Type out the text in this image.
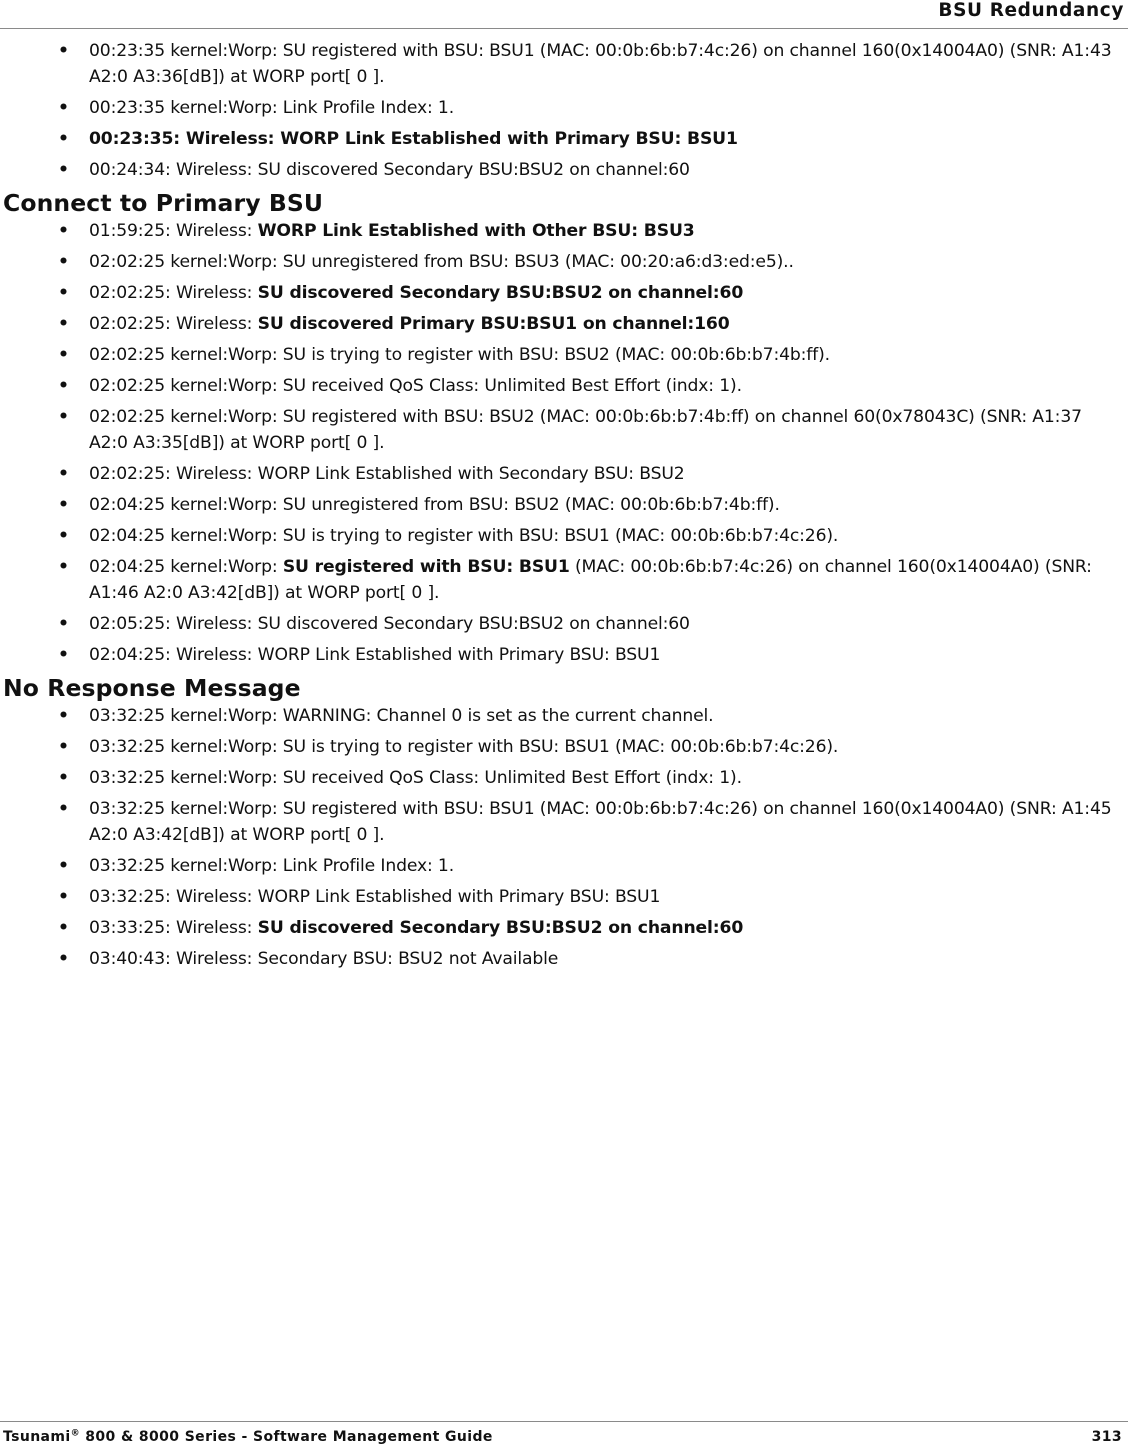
BSU Redundancy
• 00:23:35 kernel:Worp: SU registered with BSU: BSU1 (MAC: 00:0b:6b:b7:4c:26) on channel 160(0x14004A0) (SNR: A1:43 A2:0 A3:36[dB]) at WORP port[ 0 ].
• 00:23:35 kernel:Worp: Link Profile Index: 1.
• 00:23:35: Wireless: WORP Link Established with Primary BSU: BSU1
• 00:24:34: Wireless: SU discovered Secondary BSU:BSU2 on channel:60
Connect to Primary BSU
• 01:59:25: Wireless: WORP Link Established with Other BSU: BSU3
• 02:02:25 kernel:Worp: SU unregistered from BSU: BSU3 (MAC: 00:20:a6:d3:ed:e5)..
• 02:02:25: Wireless: SU discovered Secondary BSU:BSU2 on channel:60
• 02:02:25: Wireless: SU discovered Primary BSU:BSU1 on channel:160
• 02:02:25 kernel:Worp: SU is trying to register with BSU: BSU2 (MAC: 00:0b:6b:b7:4b:ff).
• 02:02:25 kernel:Worp: SU received QoS Class: Unlimited Best Effort (indx: 1).
• 02:02:25 kernel:Worp: SU registered with BSU: BSU2 (MAC: 00:0b:6b:b7:4b:ff) on channel 60(0x78043C) (SNR: A1:37 A2:0 A3:35[dB]) at WORP port[ 0 ].
• 02:02:25: Wireless: WORP Link Established with Secondary BSU: BSU2
• 02:04:25 kernel:Worp: SU unregistered from BSU: BSU2 (MAC: 00:0b:6b:b7:4b:ff).
• 02:04:25 kernel:Worp: SU is trying to register with BSU: BSU1 (MAC: 00:0b:6b:b7:4c:26).
• 02:04:25 kernel:Worp: SU registered with BSU: BSU1 (MAC: 00:0b:6b:b7:4c:26) on channel 160(0x14004A0) (SNR: A1:46 A2:0 A3:42[dB]) at WORP port[ 0 ].
• 02:05:25: Wireless: SU discovered Secondary BSU:BSU2 on channel:60
• 02:04:25: Wireless: WORP Link Established with Primary BSU: BSU1
No Response Message
• 03:32:25 kernel:Worp: WARNING: Channel 0 is set as the current channel.
• 03:32:25 kernel:Worp: SU is trying to register with BSU: BSU1 (MAC: 00:0b:6b:b7:4c:26).
• 03:32:25 kernel:Worp: SU received QoS Class: Unlimited Best Effort (indx: 1).
• 03:32:25 kernel:Worp: SU registered with BSU: BSU1 (MAC: 00:0b:6b:b7:4c:26) on channel 160(0x14004A0) (SNR: A1:45 A2:0 A3:42[dB]) at WORP port[ 0 ].
• 03:32:25 kernel:Worp: Link Profile Index: 1.
• 03:32:25: Wireless: WORP Link Established with Primary BSU: BSU1
• 03:33:25: Wireless: SU discovered Secondary BSU:BSU2 on channel:60
• 03:40:43: Wireless: Secondary BSU: BSU2 not Available
Tsunami® 800 & 8000 Series - Software Management Guide	313
